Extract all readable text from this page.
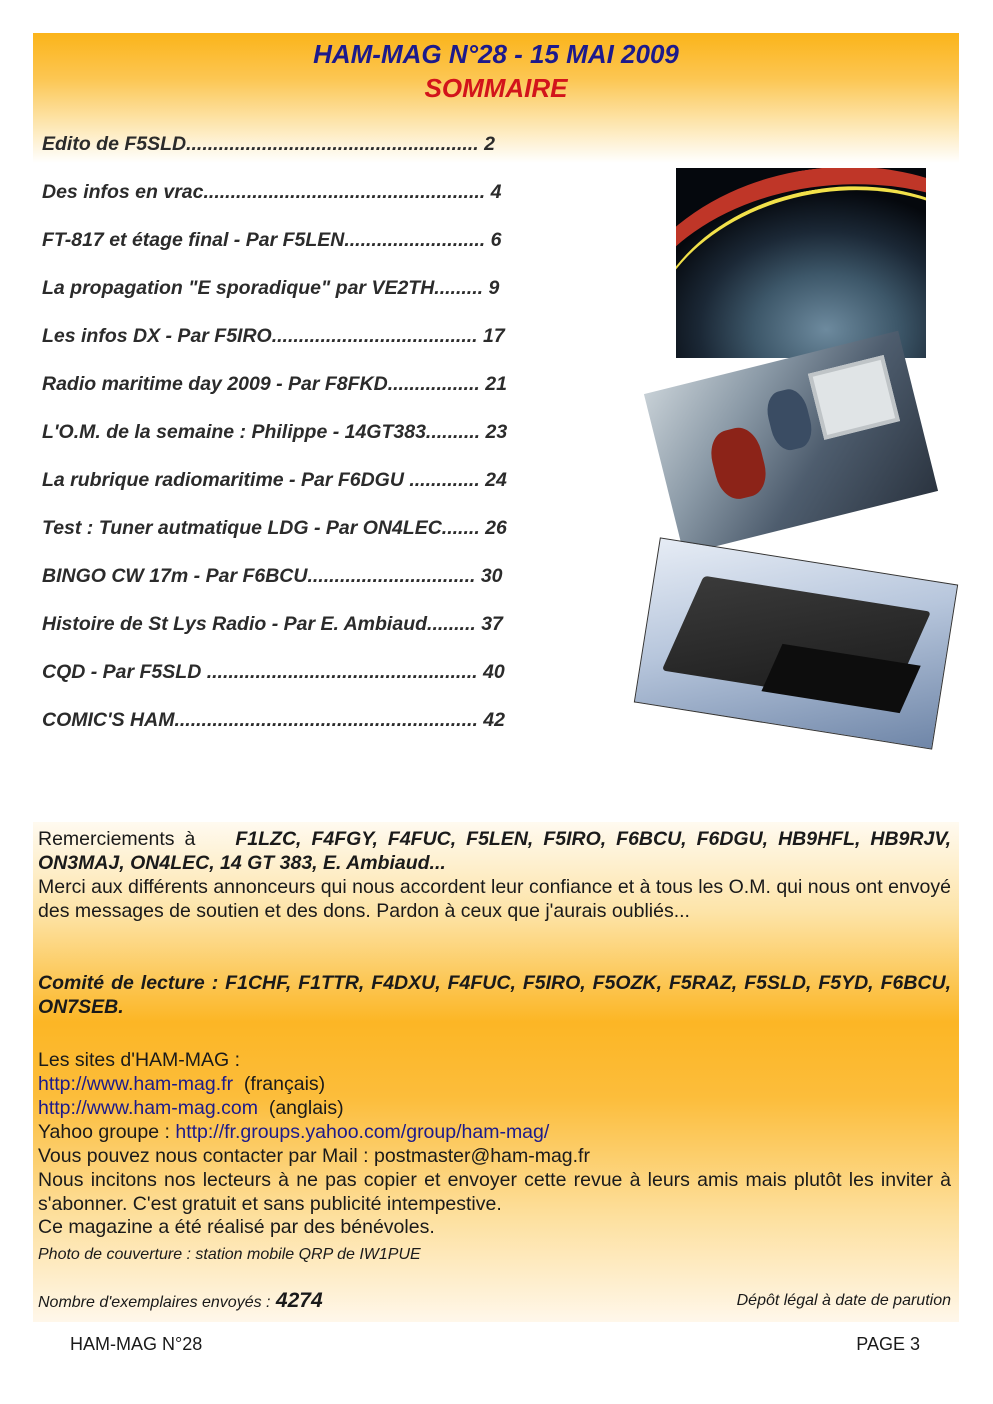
HAM-MAG N°28 - 15 MAI 2009
SOMMAIRE
Edito de F5SLD...................................................... 2
Des infos en vrac.................................................... 4
FT-817 et étage final - Par F5LEN.......................... 6
La propagation "E sporadique" par VE2TH......... 9
Les infos DX - Par F5IRO...................................... 17
Radio maritime day 2009 - Par F8FKD................. 21
L'O.M. de la semaine : Philippe - 14GT383.......... 23
La rubrique radiomaritime - Par F6DGU ............. 24
Test : Tuner autmatique LDG - Par ON4LEC....... 26
BINGO CW 17m - Par F6BCU............................... 30
Histoire de St Lys Radio - Par E. Ambiaud......... 37
CQD - Par F5SLD .................................................. 40
COMIC'S HAM........................................................ 42
Remerciements à F1LZC, F4FGY, F4FUC, F5LEN, F5IRO, F6BCU, F6DGU, HB9HFL, HB9RJV, ON3MAJ, ON4LEC, 14 GT 383, E. Ambiaud...
Merci aux différents annonceurs qui nous accordent leur confiance et à tous les O.M. qui nous ont envoyé des messages de soutien et des dons. Pardon à ceux que j'aurais oubliés...
Comité de lecture : F1CHF, F1TTR, F4DXU, F4FUC, F5IRO, F5OZK, F5RAZ, F5SLD, F5YD, F6BCU, ON7SEB.
Les sites d'HAM-MAG :
http://www.ham-mag.fr (français)
http://www.ham-mag.com (anglais)
Yahoo groupe : http://fr.groups.yahoo.com/group/ham-mag/
Vous pouvez nous contacter par Mail : postmaster@ham-mag.fr
Nous incitons nos lecteurs à ne pas copier et envoyer cette revue à leurs amis mais plutôt les inviter à s'abonner. C'est gratuit et sans publicité intempestive.
Ce magazine a été réalisé par des bénévoles.
Photo de couverture : station mobile QRP de IW1PUE
Nombre d'exemplaires envoyés : 4274	Dépôt légal à date de parution
HAM-MAG N°28	PAGE 3
